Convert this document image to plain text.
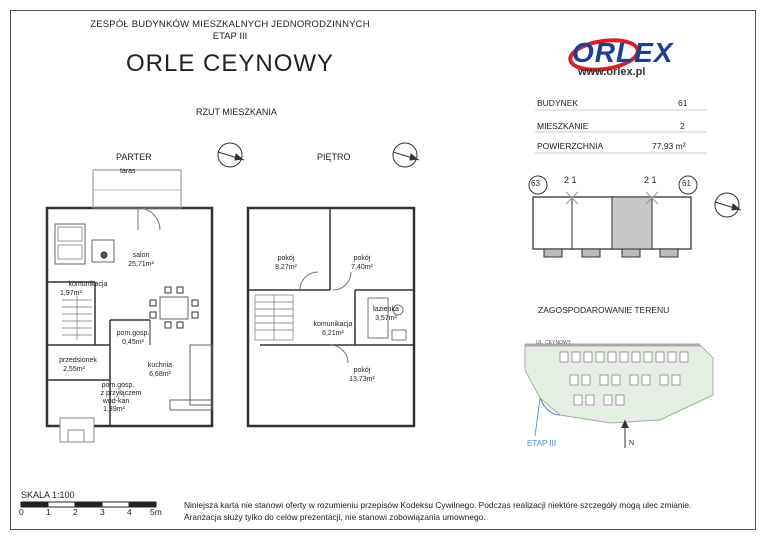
ZESPÓŁ BUDYNKÓW MIESZKALNYCH JEDNORODZINNYCH
ETAP III
ORLE CEYNOWY	ORLEX
www.orlex.pl
RZUT MIESZKANIA
PARTER	PIĘTRO
taras
salon
25,71m²
komunikacja
1,97m²
pom.gosp.
0,45m²
kuchnia
6,68m²
przedsionek
2,55m²
pom.gosp.
z przyłączem
wod-kan
1,39m²
pokój
8,27m²
pokój
7,40m²
łazienka
3,57m²
komunikacja
6,21m²
pokój
13,73m²
BUDYNEK	61
MIESZKANIE	2
POWIERZCHNIA	77,93 m²
63	61
2 1	2 1
ZAGOSPODAROWANIE TERENU
UL. CEYNOWY
N
ETAP III
SKALA 1:100
0	1	2	3	4 5m
Niniejsza karta nie stanowi oferty w rozumieniu przepisów Kodeksu Cywilnego. Podczas realizacji niektóre szczegóły mogą ulec zmianie.
Aranżacja służy tylko do celów prezentacji, nie stanowi zobowiązania umownego.
